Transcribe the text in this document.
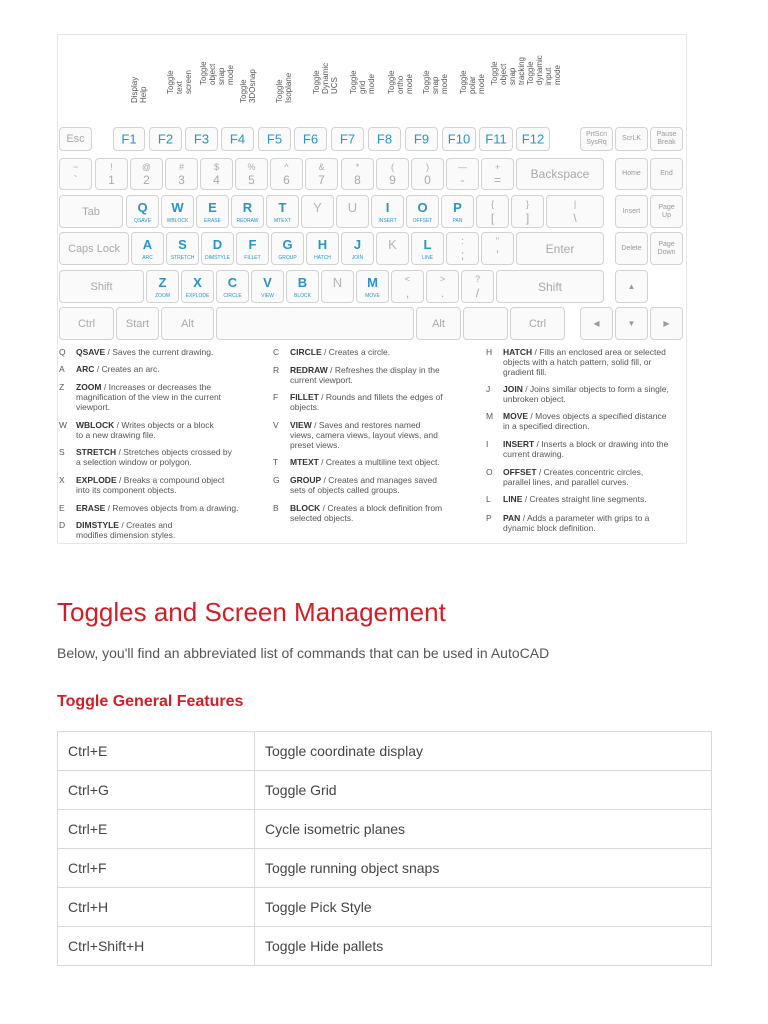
Display Help
Toggle text screen Toggle object
snap mode
Toggle 3DOsnap Toggle Isoplane Toggle Dynamic UCS Toggle grid mode Toggle ortho mode Toggle snap mode Toggle polar mode Toggle object
snap tracking Toggle dynamic
input mode
Esc	F1	F2	F3	F4	F5	F6	F7	F8	F9	F10	F11	F12	PrtScn
SysRq
ScrLK
Pause
Break
~
`
!
1
@
2
#
3
$
4
%
5
^
6
&
7
*
8
(
9
)
0
—
-
+
=	Backspace	Home	End
Tab	Q
QSAVE
W
WBLOCK
E
ERASE
R
REDRAW
T
MTEXT
Y	U	I
INSERT
O
OFFSET
P
PAN
{
[
}
]
|
\	Insert
Page
Up
Caps Lock	A
ARC
S
STRETCH
D
DIMSTYLE
F
FILLET
G
GROUP
H
HATCH
J
JOIN
K	L
LINE
:
;
"
'	Enter	Delete
Page
Down
Shift	Z
ZOOM
X
EXPLODE
C
CIRCLE
V
VIEW
B
BLOCK
N	M
MOVE
<
,
>
.
?
/	Shift	▲
Ctrl	Start	Alt	Alt	Ctrl	◀	▼	▶
Q QSAVE / Saves the current drawing.
A ARC / Creates an arc.
Z ZOOM / Increases or decreases the magnification of the view in the current viewport.
W WBLOCK / Writes objects or a block to a new drawing file.
S STRETCH / Stretches objects crossed by a selection window or polygon.
X EXPLODE / Breaks a compound object into its component objects.
E ERASE / Removes objects from a drawing.
D DIMSTYLE / Creates and modifies dimension styles.
C CIRCLE / Creates a circle.
R REDRAW / Refreshes the display in the current viewport.
F FILLET / Rounds and fillets the edges of objects.
V VIEW / Saves and restores named views, camera views, layout views, and preset views.
T MTEXT / Creates a multiline text object.
G GROUP / Creates and manages saved sets of objects called groups.
B BLOCK / Creates a block definition from selected objects.
H HATCH / Fills an enclosed area or selected objects with a hatch pattern, solid fill, or gradient fill.
J JOIN / Joins similar objects to form a single, unbroken object.
M MOVE / Moves objects a specified distance in a specified direction.
I INSERT / Inserts a block or drawing into the current drawing.
O OFFSET / Creates concentric circles, parallel lines, and parallel curves.
L LINE / Creates straight line segments.
P PAN / Adds a parameter with grips to a dynamic block definition.
Toggles and Screen Management
Below, you'll find an abbreviated list of commands that can be used in AutoCAD
Toggle General Features
Ctrl+E	Toggle coordinate display
Ctrl+G	Toggle Grid
Ctrl+E	Cycle isometric planes
Ctrl+F	Toggle running object snaps
Ctrl+H	Toggle Pick Style
Ctrl+Shift+H	Toggle Hide pallets
